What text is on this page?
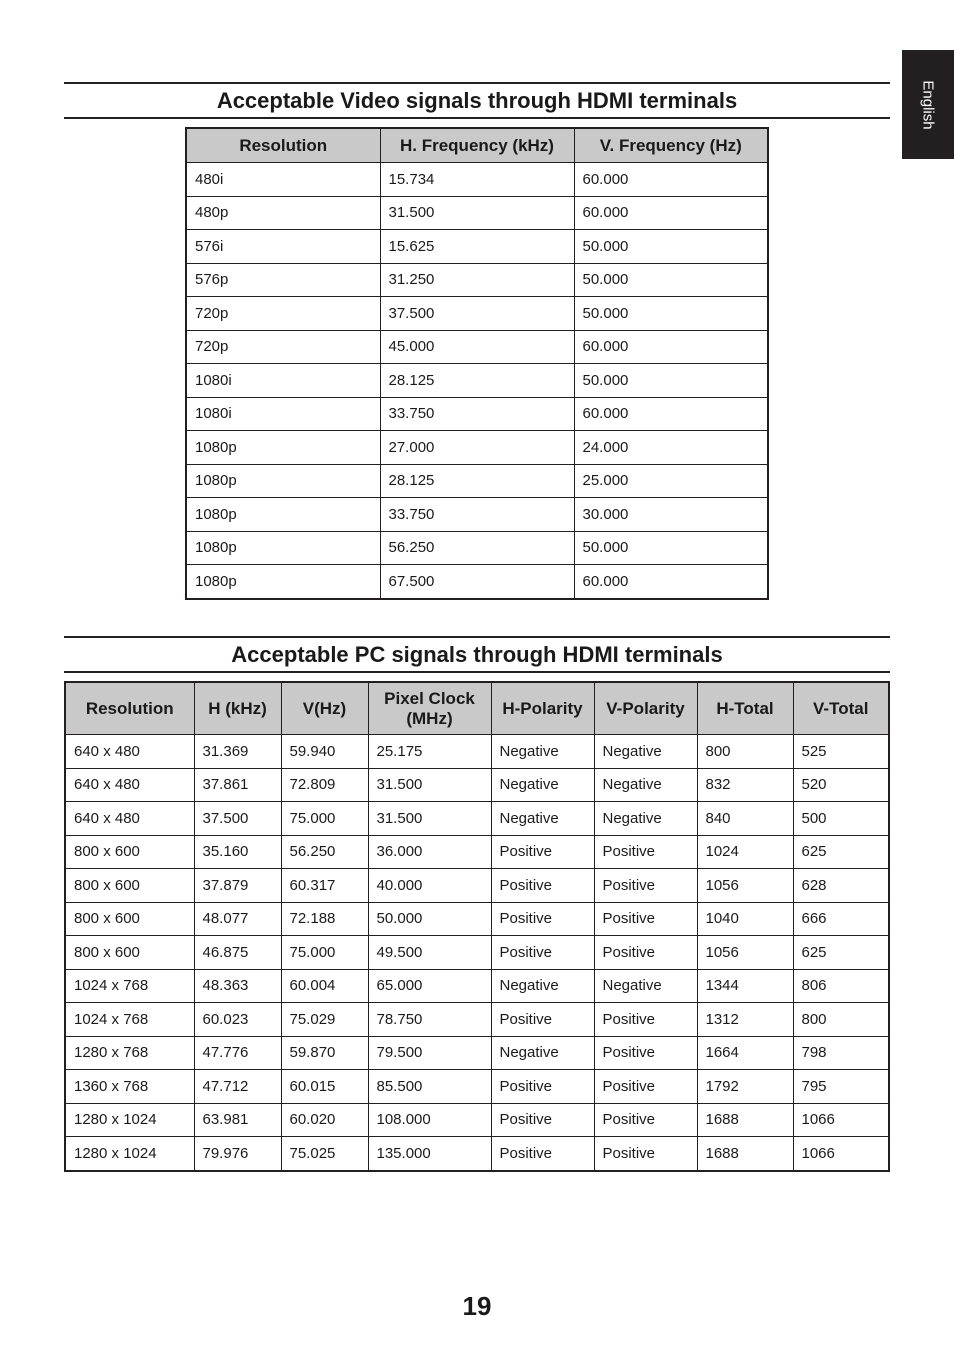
English
Acceptable Video signals through HDMI terminals
Resolution	H. Frequency (kHz)	V. Frequency (Hz)
480i	15.734	60.000
480p	31.500	60.000
576i	15.625	50.000
576p	31.250	50.000
720p	37.500	50.000
720p	45.000	60.000
1080i	28.125	50.000
1080i	33.750	60.000
1080p	27.000	24.000
1080p	28.125	25.000
1080p	33.750	30.000
1080p	56.250	50.000
1080p	67.500	60.000
Acceptable PC signals through HDMI terminals
Resolution	H (kHz)	V(Hz)	Pixel Clock (MHz)	H-Polarity	V-Polarity	H-Total	V-Total
640 x 480	31.369	59.940	25.175	Negative	Negative	800	525
640 x 480	37.861	72.809	31.500	Negative	Negative	832	520
640 x 480	37.500	75.000	31.500	Negative	Negative	840	500
800 x 600	35.160	56.250	36.000	Positive	Positive	1024	625
800 x 600	37.879	60.317	40.000	Positive	Positive	1056	628
800 x 600	48.077	72.188	50.000	Positive	Positive	1040	666
800 x 600	46.875	75.000	49.500	Positive	Positive	1056	625
1024 x 768	48.363	60.004	65.000	Negative	Negative	1344	806
1024 x 768	60.023	75.029	78.750	Positive	Positive	1312	800
1280 x 768	47.776	59.870	79.500	Negative	Positive	1664	798
1360 x 768	47.712	60.015	85.500	Positive	Positive	1792	795
1280 x 1024	63.981	60.020	108.000	Positive	Positive	1688	1066
1280 x 1024	79.976	75.025	135.000	Positive	Positive	1688	1066
19
